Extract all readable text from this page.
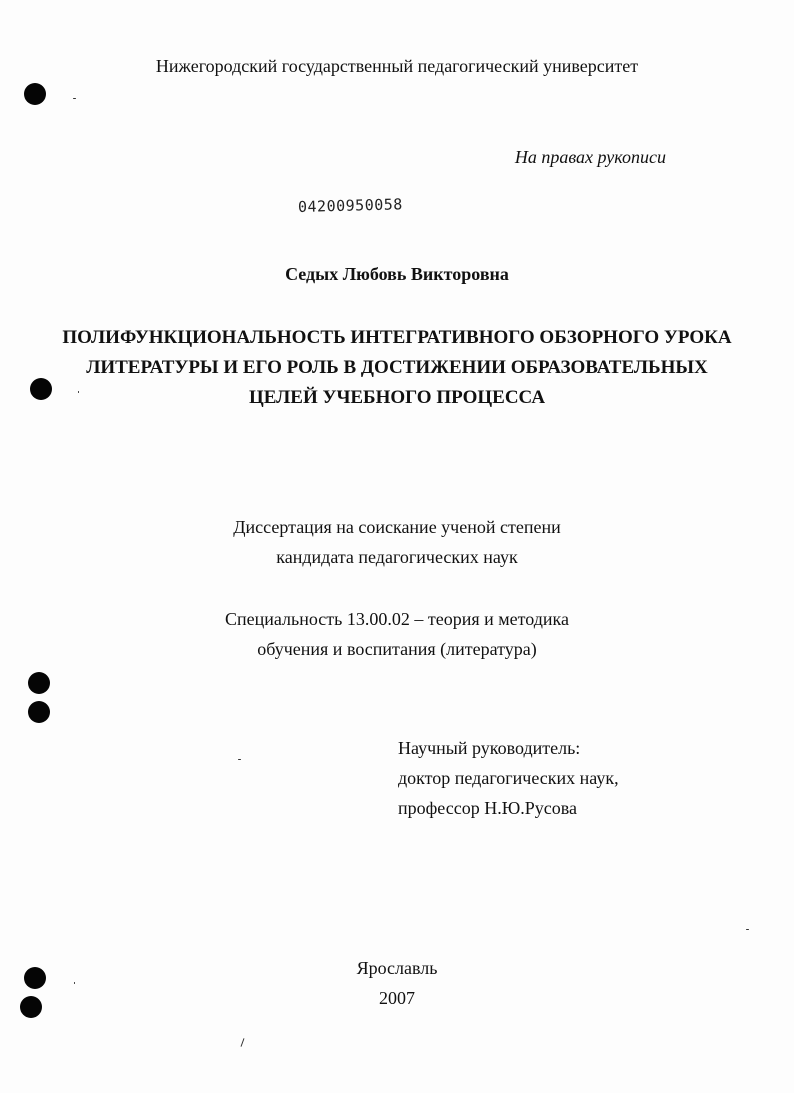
Нижегородский государственный педагогический университет
На правах рукописи
04200950058
Седых Любовь Викторовна
ПОЛИФУНКЦИОНАЛЬНОСТЬ ИНТЕГРАТИВНОГО ОБЗОРНОГО УРОКА
ЛИТЕРАТУРЫ И ЕГО РОЛЬ В ДОСТИЖЕНИИ ОБРАЗОВАТЕЛЬНЫХ
ЦЕЛЕЙ УЧЕБНОГО ПРОЦЕССА
Диссертация на соискание ученой степени
кандидата педагогических наук
Специальность 13.00.02 – теория и методика
обучения и воспитания (литература)
Научный руководитель:
доктор педагогических наук,
профессор Н.Ю.Русова
Ярославль
2007
